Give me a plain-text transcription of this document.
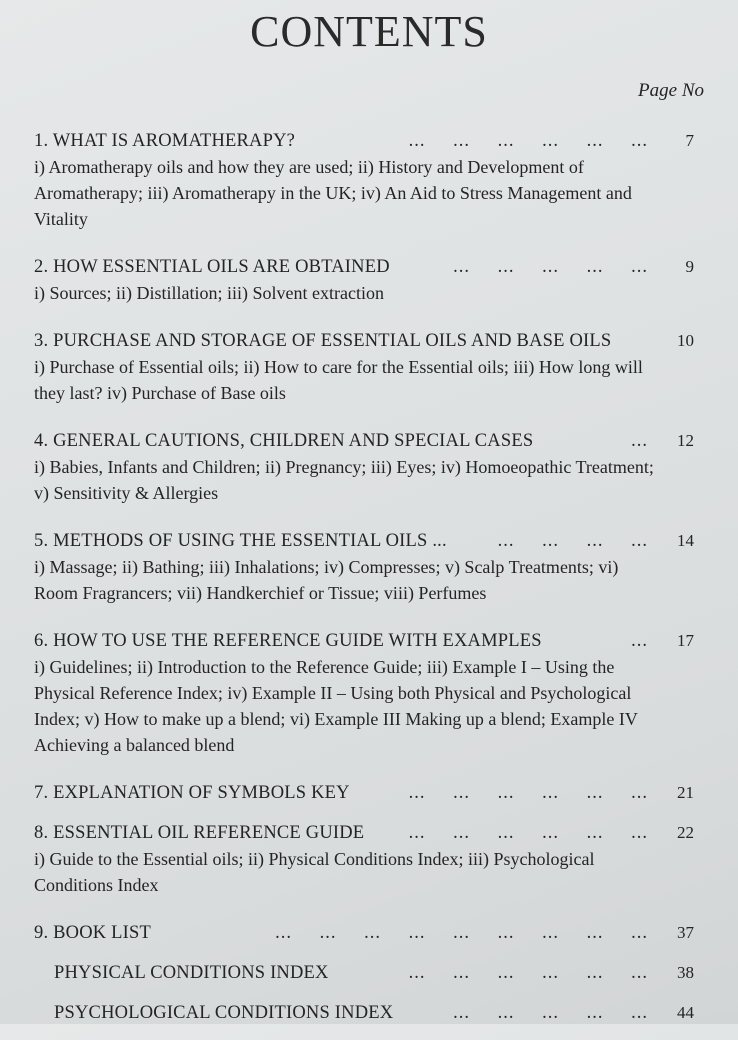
CONTENTS
Page No
1. WHAT IS AROMATHERAPY?	... ... ... ... ... ...	7

i) Aromatherapy oils and how they are used; ii) History and Development of Aromatherapy; iii) Aromatherapy in the UK; iv) An Aid to Stress Management and Vitality

2. HOW ESSENTIAL OILS ARE OBTAINED	... ... ... ... ...	9

i) Sources; ii) Distillation; iii) Solvent extraction

3. PURCHASE AND STORAGE OF ESSENTIAL OILS AND BASE OILS	10

i) Purchase of Essential oils; ii) How to care for the Essential oils; iii) How long will they last? iv) Purchase of Base oils

4. GENERAL CAUTIONS, CHILDREN AND SPECIAL CASES	...	12

i) Babies, Infants and Children; ii) Pregnancy; iii) Eyes; iv) Homoeopathic Treatment; v) Sensitivity & Allergies

5. METHODS OF USING THE ESSENTIAL OILS ...	... ... ... ...	14

i) Massage; ii) Bathing; iii) Inhalations; iv) Compresses; v) Scalp Treatments; vi) Room Fragrancers; vii) Handkerchief or Tissue; viii) Perfumes

6. HOW TO USE THE REFERENCE GUIDE WITH EXAMPLES	...	17

i) Guidelines; ii) Introduction to the Reference Guide; iii) Example I – Using the Physical Reference Index; iv) Example II – Using both Physical and Psychological Index; v) How to make up a blend; vi) Example III Making up a blend; Example IV Achieving a balanced blend

7. EXPLANATION OF SYMBOLS KEY	... ... ... ... ... ...	21
8. ESSENTIAL OIL REFERENCE GUIDE	... ... ... ... ... ...	22

i) Guide to the Essential oils; ii) Physical Conditions Index; iii) Psychological Conditions Index

9. BOOK LIST	... ... ... ... ... ... ... ... ...	37
PHYSICAL CONDITIONS INDEX	... ... ... ... ... ...	38
PSYCHOLOGICAL CONDITIONS INDEX	... ... ... ... ...	44
